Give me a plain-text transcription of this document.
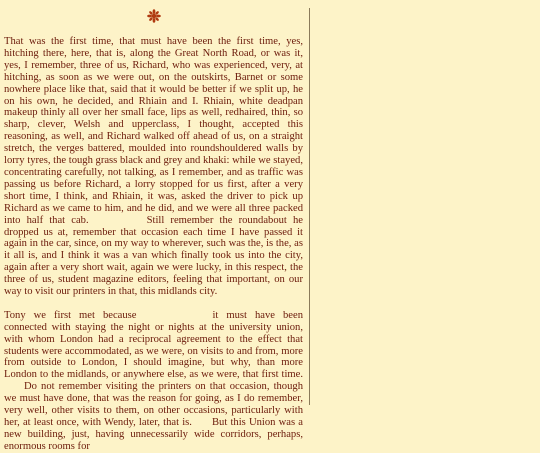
That was the first time, that must have been the first time, yes, hitching there, here, that is, along the Great North Road, or was it, yes, I remember, three of us, Richard, who was experienced, very, at hitching, as soon as we were out, on the outskirts, Barnet or some nowhere place like that, said that it would be better if we split up, he on his own, he decided, and Rhiain and I. Rhiain, white deadpan makeup thinly all over her small face, lips as well, redhaired, thin, so sharp, clever, Welsh and upperclass, I thought, accepted this reasoning, as well, and Richard walked off ahead of us, on a straight stretch, the verges battered, moulded into roundshouldered walls by lorry tyres, the tough grass black and grey and khaki: while we stayed, concentrating carefully, not talking, as I remember, and as traffic was passing us before Richard, a lorry stopped for us first, after a very short time, I think, and Rhiain, it was, asked the driver to pick up Richard as we came to him, and he did, and we were all three packed into half that cab.	Still remember the roundabout he dropped us at, remember that occasion each time I have passed it again in the car, since, on my way to wherever, such was the, is the, as it all is, and I think it was a van which finally took us into the city, again after a very short wait, again we were lucky, in this respect, the three of us, student magazine editors, feeling that important, on our way to visit our printers in that, this midlands city.

Tony we first met because	it must have been connected with staying the night or nights at the university union, with whom London had a reciprocal agreement to the effect that students were accommodated, as we were, on visits to and from, more from outside to London, I should imagine, but why, than more London to the midlands, or anywhere else, as we were, that first time.Do not remember visiting the printers on that occasion, though we must have done, that was the reason for going, as I do remember, very well, other visits to them, on other occasions, particularly with her, at least once, with Wendy, later, that is. But this Union was a new building, just, having unnecessarily wide corridors, perhaps, enormous rooms for
